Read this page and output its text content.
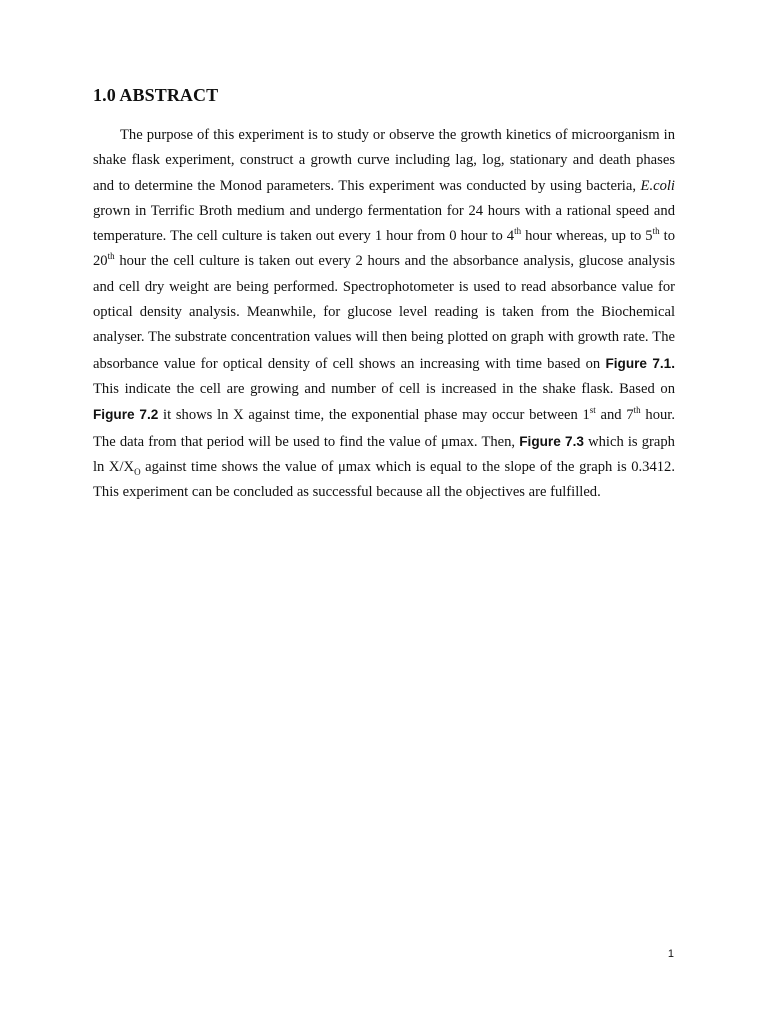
1.0 ABSTRACT

The purpose of this experiment is to study or observe the growth kinetics of microorganism in shake flask experiment, construct a growth curve including lag, log, stationary and death phases and to determine the Monod parameters. This experiment was conducted by using bacteria, E.coli grown in Terrific Broth medium and undergo fermentation for 24 hours with a rational speed and temperature. The cell culture is taken out every 1 hour from 0 hour to 4th hour whereas, up to 5th to 20th hour the cell culture is taken out every 2 hours and the absorbance analysis, glucose analysis and cell dry weight are being performed. Spectrophotometer is used to read absorbance value for optical density analysis. Meanwhile, for glucose level reading is taken from the Biochemical analyser. The substrate concentration values will then being plotted on graph with growth rate. The absorbance value for optical density of cell shows an increasing with time based on Figure 7.1. This indicate the cell are growing and number of cell is increased in the shake flask. Based on Figure 7.2 it shows ln X against time, the exponential phase may occur between 1st and 7th hour. The data from that period will be used to find the value of μmax. Then, Figure 7.3 which is graph $\ln X/X_O$ against time shows the value of μmax which is equal to the slope of the graph is 0.3412. This experiment can be concluded as successful because all the objectives are fulfilled.

1
